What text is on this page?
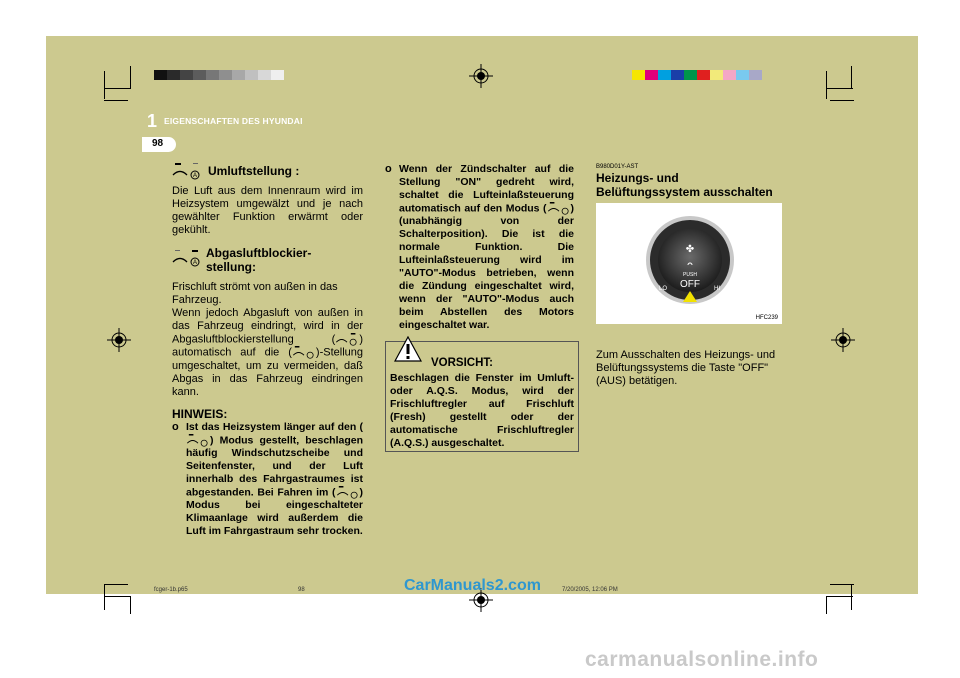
1 EIGENSCHAFTEN DES HYUNDAI
98
A Umluftstellung :

Die Luft aus dem Innenraum wird im Heizsystem umgewälzt und je nach gewählter Funktion erwärmt oder gekühlt.

A
Abgasluftblockier-
stellung:

Frischluft strömt von außen in das Fahrzeug.

Wenn jedoch Abgasluft von außen in das Fahrzeug eindringt, wird in der Abgasluftblockierstellung ( ) automatisch auf die ( )-Stellung umgeschaltet, um zu vermeiden, daß Abgas in das Fahrzeug eindringen kann.

HINWEIS:
o Ist das Heizsystem länger auf den () Modus gestellt, beschlagen häufig Windschutzscheibe und Seitenfenster, und der Luft innerhalb des Fahrgastraumes ist abgestanden. Bei Fahren im ( ) Modus bei eingeschalteter Klimaanlage wird außerdem die Luft im Fahrgastraum sehr trocken.

o Wenn der Zündschalter auf die Stellung "ON" gedreht wird, schaltet die Lufteinlaßsteuerung automatisch auf den Modus ( ) (unabhängig von der Schalterposition). Die ist die normale Funktion. Die Lufteinlaßsteuerung wird im "AUTO"-Modus betrieben, wenn die Zündung eingeschaltet wird, wenn der "AUTO"-Modus auch beim Abstellen des Motors eingeschaltet war.

VORSICHT:

Beschlagen die Fenster im Umluft- oder A.Q.S. Modus, wird der Frischluftregler auf Frischluft (Fresh) gestellt oder der automatische Frischluftregler (A.Q.S.) ausgeschaltet.

B980D01Y-AST
Heizungs- und Belüftungssystem ausschalten
✤
PUSH
OFF
LO	HI
HFC239

Zum Ausschalten des Heizungs- und Belüftungssystems die Taste "OFF" (AUS) betätigen.

fcger-1b.p65	98	7/20/2005, 12:06 PM
CarManuals2.com
carmanualsonline.info
